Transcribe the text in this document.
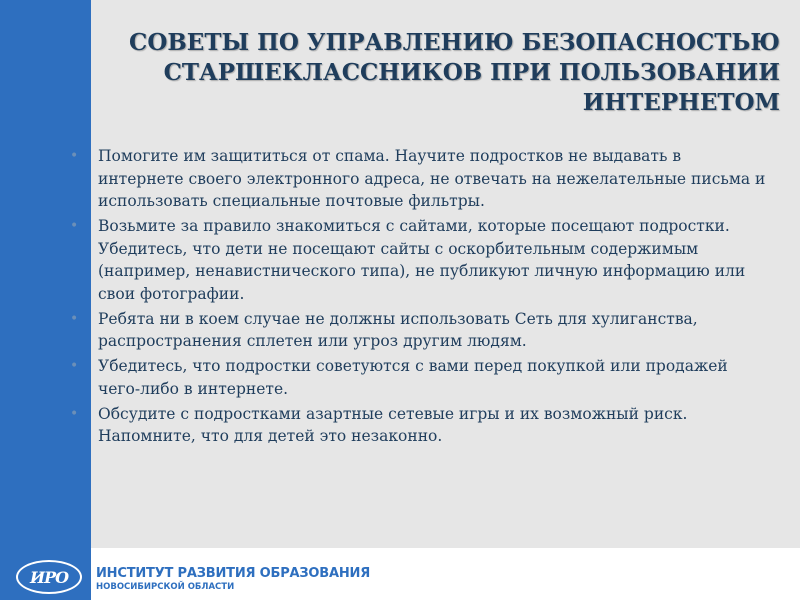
СОВЕТЫ ПО УПРАВЛЕНИЮ БЕЗОПАСНОСТЬЮ
СТАРШЕКЛАССНИКОВ ПРИ ПОЛЬЗОВАНИИ
ИНТЕРНЕТОМ
• Помогите им защититься от спама. Научите подростков не выдавать в интернете своего электронного адреса, не отвечать на нежелательные письма и использовать специальные почтовые фильтры.
• Возьмите за правило знакомиться с сайтами, которые посещают подростки. Убедитесь, что дети не посещают сайты с оскорбительным содержимым (например, ненавистнического типа), не публикуют личную информацию или свои фотографии.
• Ребята ни в коем случае не должны использовать Сеть для хулиганства, распространения сплетен или угроз другим людям.
• Убедитесь, что подростки советуются с вами перед покупкой или продажей чего-либо в интернете.
• Обсудите с подростками азартные сетевые игры и их возможный риск. Напомните, что для детей это незаконно.
ИРО ИНСТИТУТ РАЗВИТИЯ ОБРАЗОВАНИЯ
НОВОСИБИРСКОЙ ОБЛАСТИ
